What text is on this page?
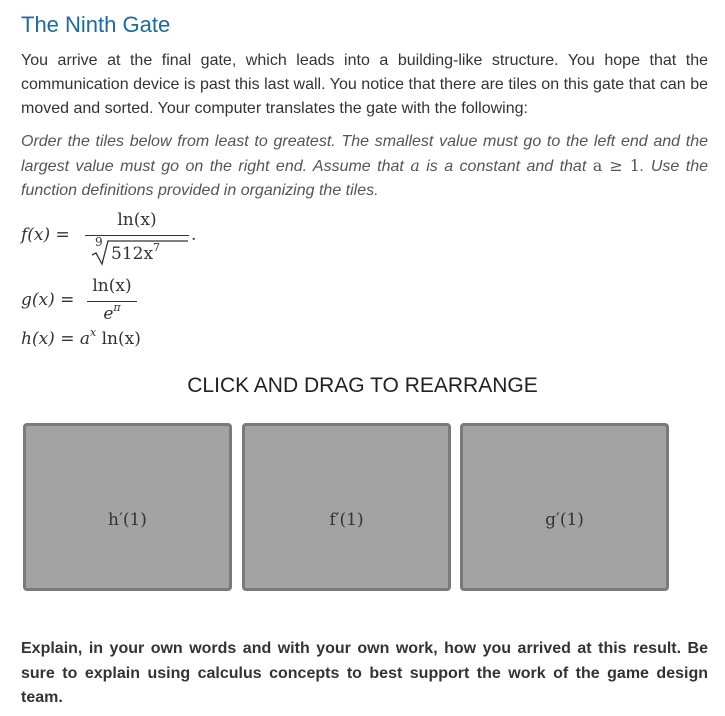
The Ninth Gate

You arrive at the final gate, which leads into a building-like structure. You hope that the communication device is past this last wall. You notice that there are tiles on this gate that can be moved and sorted. Your computer translates the gate with the following:

Order the tiles below from least to greatest. The smallest value must go to the left end and the largest value must go on the right end. Assume that a is a constant and that a ≥ 1. Use the function definitions provided in organizing the tiles.

f(x) =
ln(x)
9
$512x^7$
.
g(x) =
ln(x)
$e^\pi$
$h(x) = a^x$ ln(x)
CLICK AND DRAG TO REARRANGE
h′(1)	f′(1)	g′(1)

Explain, in your own words and with your own work, how you arrived at this result. Be sure to explain using calculus concepts to best support the work of the game design team.
